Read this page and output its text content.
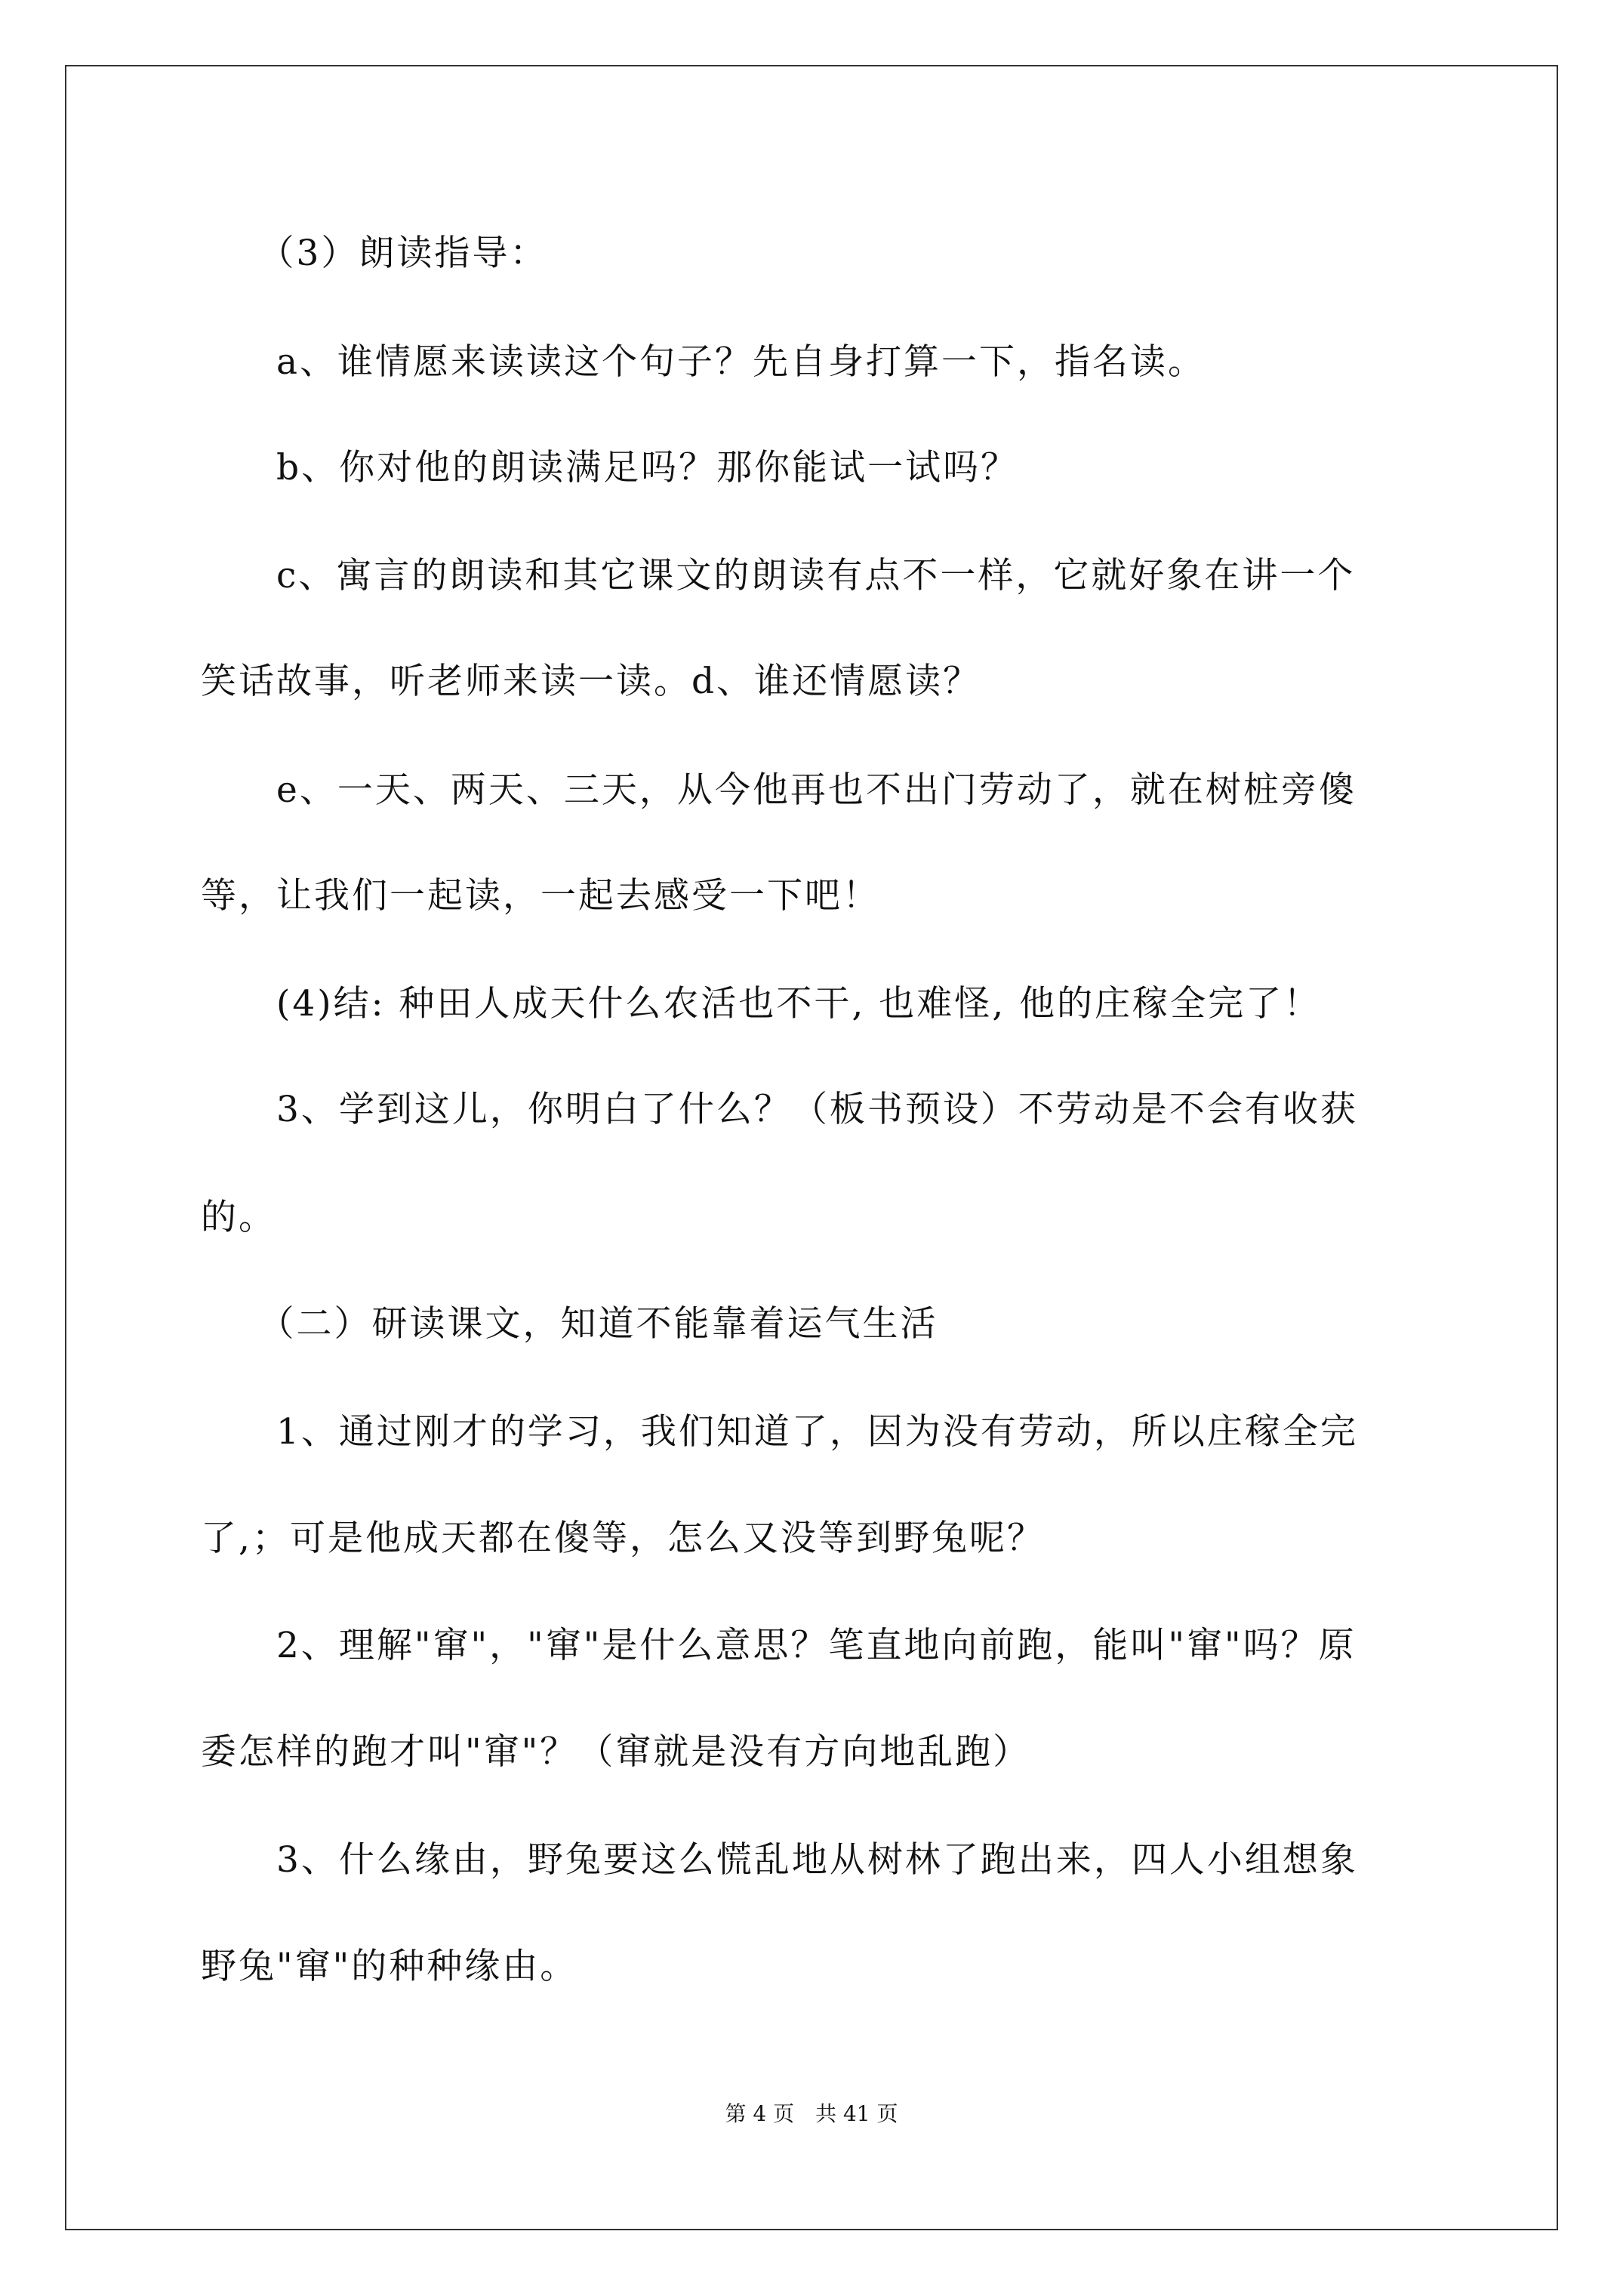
　　（3）朗读指导：
　　a、谁情愿来读读这个句子？先自身打算一下，指名读。
　　b、你对他的朗读满足吗？那你能试一试吗？
　　c、寓言的朗读和其它课文的朗读有点不一样，它就好象在讲一个
笑话故事，听老师来读一读。d、谁还情愿读？
　　e、一天、两天、三天，从今他再也不出门劳动了，就在树桩旁傻
等，让我们一起读，一起去感受一下吧！
　　(4)结: 种田人成天什么农活也不干, 也难怪, 他的庄稼全完了！
　　3、学到这儿，你明白了什么？（板书预设）不劳动是不会有收获
的。
　　（二）研读课文，知道不能靠着运气生活
　　1、通过刚才的学习，我们知道了，因为没有劳动，所以庄稼全完
了,；可是他成天都在傻等，怎么又没等到野兔呢？
　　2、理解"窜"，"窜"是什么意思？笔直地向前跑，能叫"窜"吗？原
委怎样的跑才叫"窜"？（窜就是没有方向地乱跑）
　　3、什么缘由，野兔要这么慌乱地从树林了跑出来，四人小组想象
野兔"窜"的种种缘由。
第 4 页　共 41 页
